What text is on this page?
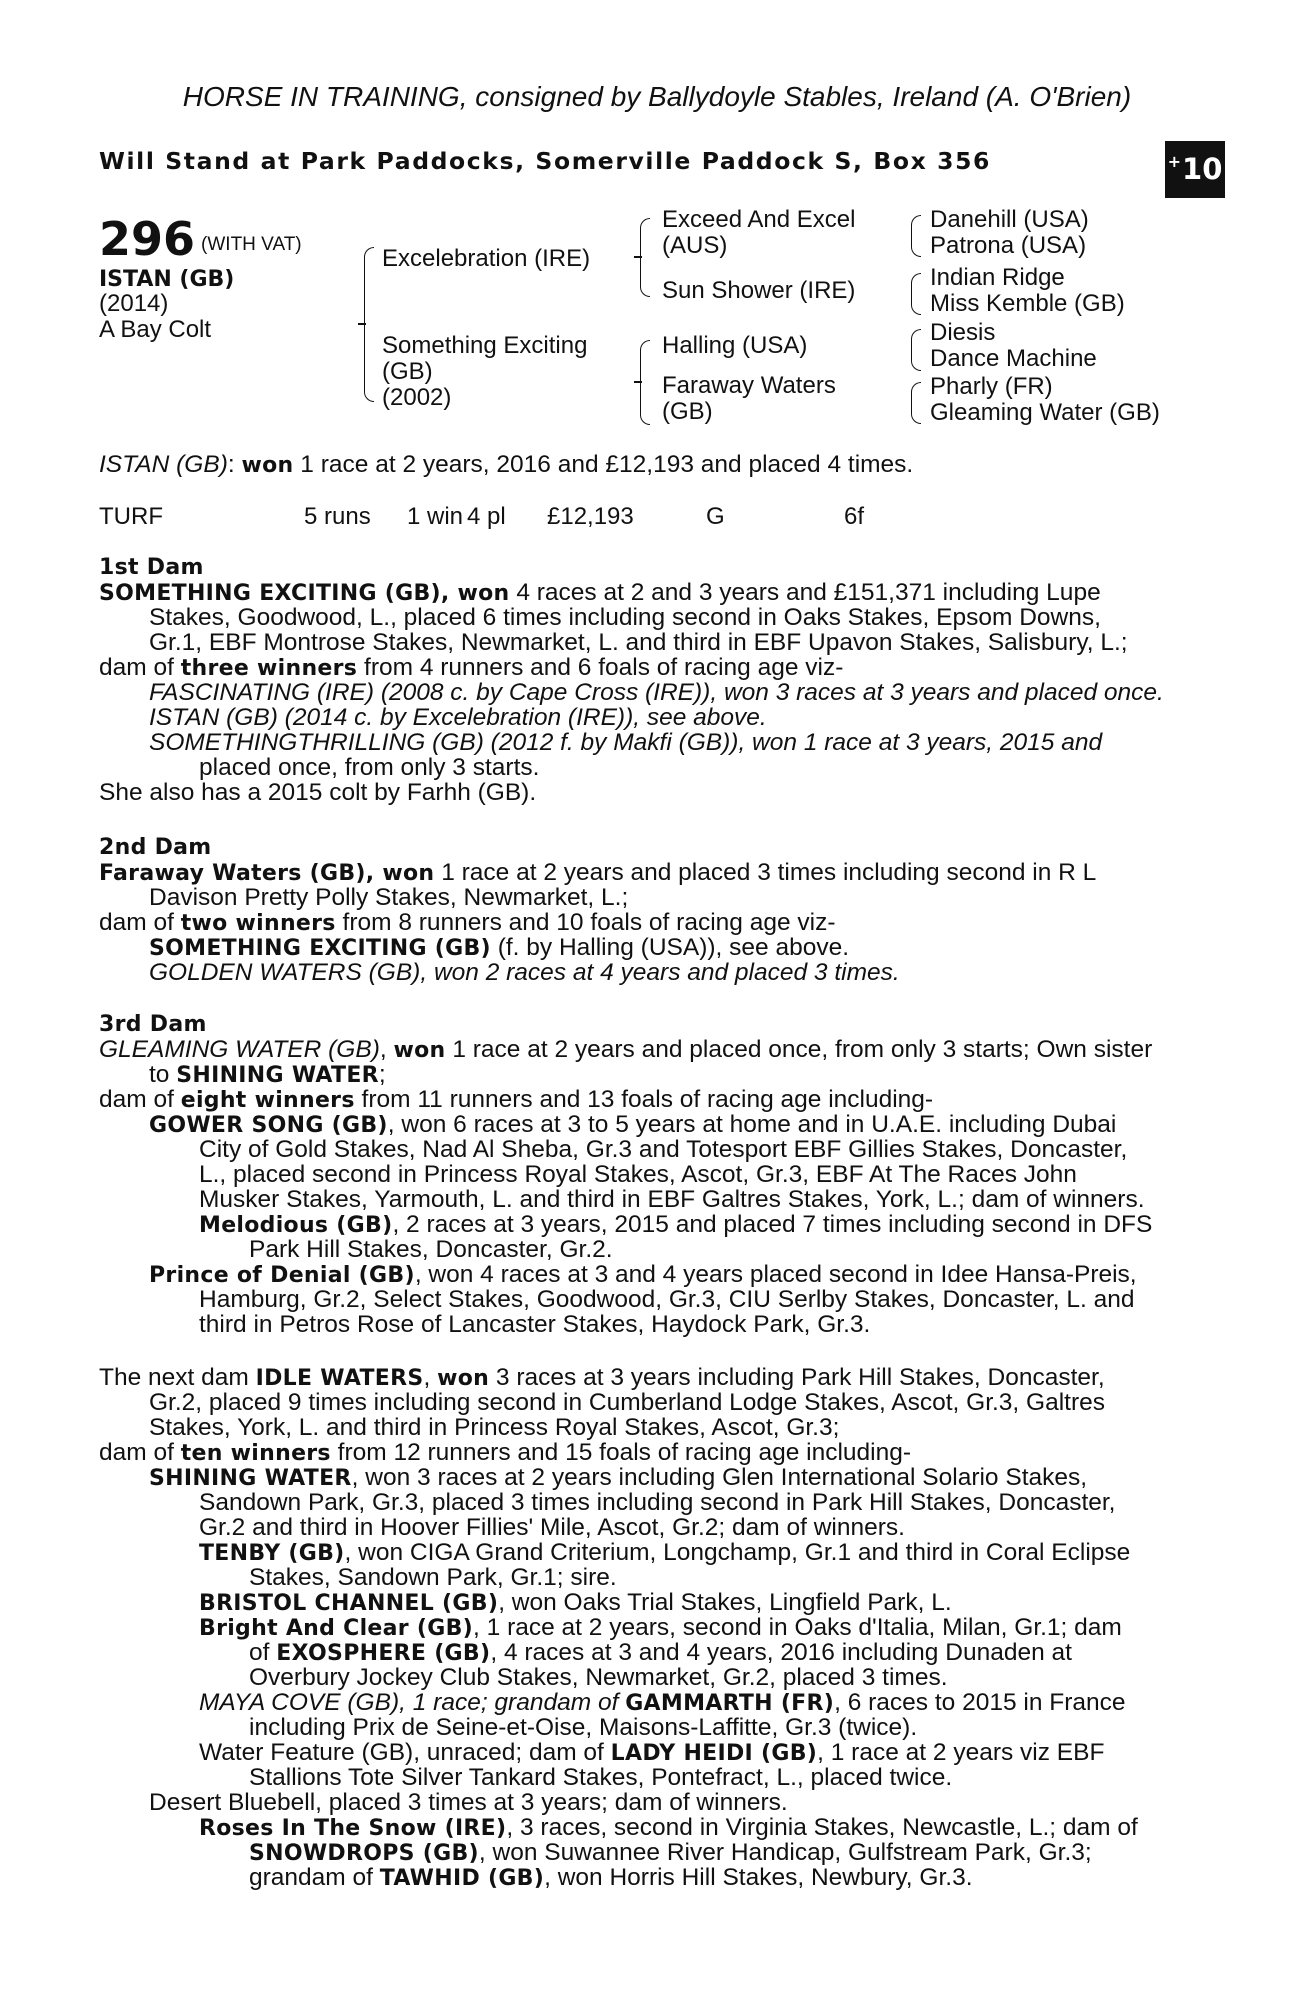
HORSE IN TRAINING, consigned by Ballydoyle Stables, Ireland (A. O'Brien)
Will Stand at Park Paddocks, Somerville Paddock S, Box 356	+ 10
296 (WITH VAT)
ISTAN (GB)
(2014)
A Bay Colt
Excelebration (IRE)
Something Exciting
(GB)
(2002)
Exceed And Excel
(AUS)
Sun Shower (IRE)
Halling (USA)
Faraway Waters
(GB)
Danehill (USA)
Patrona (USA)
Indian Ridge
Miss Kemble (GB)
Diesis
Dance Machine
Pharly (FR)
Gleaming Water (GB)
ISTAN (GB): won 1 race at 2 years, 2016 and £12,193 and placed 4 times.
TURF	5 runs 1 win 4 pl £12,193	G	6f
1st Dam
SOMETHING EXCITING (GB), won 4 races at 2 and 3 years and £151,371 including Lupe
Stakes, Goodwood, L., placed 6 times including second in Oaks Stakes, Epsom Downs,
Gr.1, EBF Montrose Stakes, Newmarket, L. and third in EBF Upavon Stakes, Salisbury, L.;
dam of three winners from 4 runners and 6 foals of racing age viz-
FASCINATING (IRE) (2008 c. by Cape Cross (IRE)), won 3 races at 3 years and placed once.
ISTAN (GB) (2014 c. by Excelebration (IRE)), see above.
SOMETHINGTHRILLING (GB) (2012 f. by Makfi (GB)), won 1 race at 3 years, 2015 and
placed once, from only 3 starts.
She also has a 2015 colt by Farhh (GB).
2nd Dam
Faraway Waters (GB), won 1 race at 2 years and placed 3 times including second in R L
Davison Pretty Polly Stakes, Newmarket, L.;
dam of two winners from 8 runners and 10 foals of racing age viz-
SOMETHING EXCITING (GB) (f. by Halling (USA)), see above.
GOLDEN WATERS (GB), won 2 races at 4 years and placed 3 times.
3rd Dam
GLEAMING WATER (GB), won 1 race at 2 years and placed once, from only 3 starts; Own sister
to SHINING WATER;
dam of eight winners from 11 runners and 13 foals of racing age including-
GOWER SONG (GB), won 6 races at 3 to 5 years at home and in U.A.E. including Dubai
City of Gold Stakes, Nad Al Sheba, Gr.3 and Totesport EBF Gillies Stakes, Doncaster,
L., placed second in Princess Royal Stakes, Ascot, Gr.3, EBF At The Races John
Musker Stakes, Yarmouth, L. and third in EBF Galtres Stakes, York, L.; dam of winners.
Melodious (GB), 2 races at 3 years, 2015 and placed 7 times including second in DFS
Park Hill Stakes, Doncaster, Gr.2.
Prince of Denial (GB), won 4 races at 3 and 4 years placed second in Idee Hansa-Preis,
Hamburg, Gr.2, Select Stakes, Goodwood, Gr.3, CIU Serlby Stakes, Doncaster, L. and
third in Petros Rose of Lancaster Stakes, Haydock Park, Gr.3.
The next dam IDLE WATERS, won 3 races at 3 years including Park Hill Stakes, Doncaster,
Gr.2, placed 9 times including second in Cumberland Lodge Stakes, Ascot, Gr.3, Galtres
Stakes, York, L. and third in Princess Royal Stakes, Ascot, Gr.3;
dam of ten winners from 12 runners and 15 foals of racing age including-
SHINING WATER, won 3 races at 2 years including Glen International Solario Stakes,
Sandown Park, Gr.3, placed 3 times including second in Park Hill Stakes, Doncaster,
Gr.2 and third in Hoover Fillies' Mile, Ascot, Gr.2; dam of winners.
TENBY (GB), won CIGA Grand Criterium, Longchamp, Gr.1 and third in Coral Eclipse
Stakes, Sandown Park, Gr.1; sire.
BRISTOL CHANNEL (GB), won Oaks Trial Stakes, Lingfield Park, L.
Bright And Clear (GB), 1 race at 2 years, second in Oaks d'Italia, Milan, Gr.1; dam
of EXOSPHERE (GB), 4 races at 3 and 4 years, 2016 including Dunaden at
Overbury Jockey Club Stakes, Newmarket, Gr.2, placed 3 times.
MAYA COVE (GB), 1 race; grandam of GAMMARTH (FR), 6 races to 2015 in France
including Prix de Seine-et-Oise, Maisons-Laffitte, Gr.3 (twice).
Water Feature (GB), unraced; dam of LADY HEIDI (GB), 1 race at 2 years viz EBF
Stallions Tote Silver Tankard Stakes, Pontefract, L., placed twice.
Desert Bluebell, placed 3 times at 3 years; dam of winners.
Roses In The Snow (IRE), 3 races, second in Virginia Stakes, Newcastle, L.; dam of
SNOWDROPS (GB), won Suwannee River Handicap, Gulfstream Park, Gr.3;
grandam of TAWHID (GB), won Horris Hill Stakes, Newbury, Gr.3.
